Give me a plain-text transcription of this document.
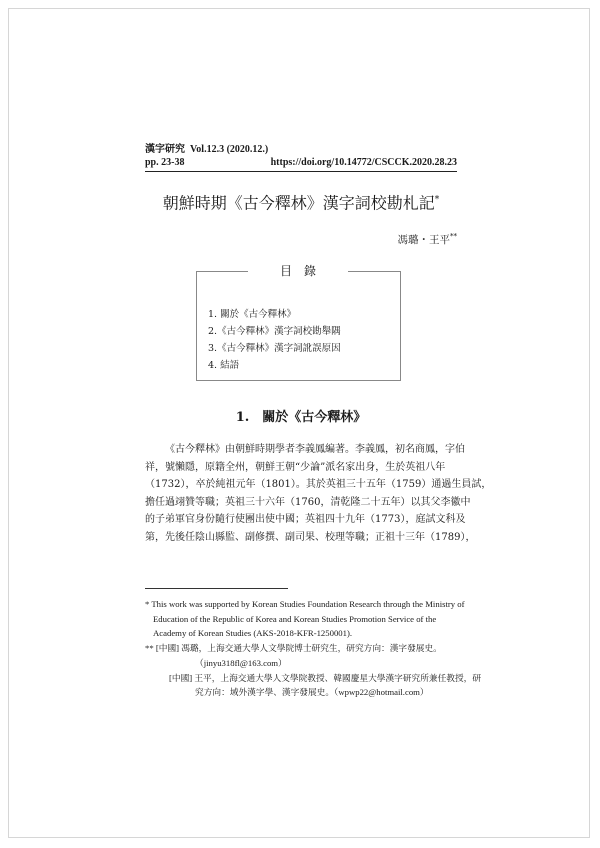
漢字研究 Vol.12.3 (2020.12.)
pp. 23-38	https://doi.org/10.14772/CSCCK.2020.28.23
朝鮮時期《古今釋林》漢字詞校勘札記*
馮璐・王平**
目錄
1. 關於《古今釋林》
2.《古今釋林》漢字詞校勘舉隅
3.《古今釋林》漢字詞訛誤原因
4. 結語
1.　關於《古今釋林》
《古今釋林》由朝鮮時期學者李義鳳編著。李義鳳，初名商鳳，字伯
祥，號懶隱，原籍全州，朝鮮王朝“少論”派名家出身，生於英祖八年
（1732），卒於純祖元年（1801）。其於英祖三十五年（1759）通過生員試，
擔任過翊贊等職；英祖三十六年（1760，清乾隆二十五年）以其父李徽中
的子弟軍官身份隨行使團出使中國；英祖四十九年（1773），庭試文科及
第，先後任陰山縣監、副修撰、副司果、校理等職；正祖十三年（1789），
* This work was supported by Korean Studies Foundation Research through the Ministry of
Education of the Republic of Korea and Korean Studies Promotion Service of the
Academy of Korean Studies (AKS-2018-KFR-1250001).
** [中國] 馮璐，上海交通大學人文學院博士研究生，研究方向：漢字發展史。
（jinyu318fl@163.com）
[中國] 王平，上海交通大學人文學院教授、韓國慶星大學漢字研究所兼任教授，研
究方向：域外漢字學、漢字發展史。（wpwp22@hotmail.com）
